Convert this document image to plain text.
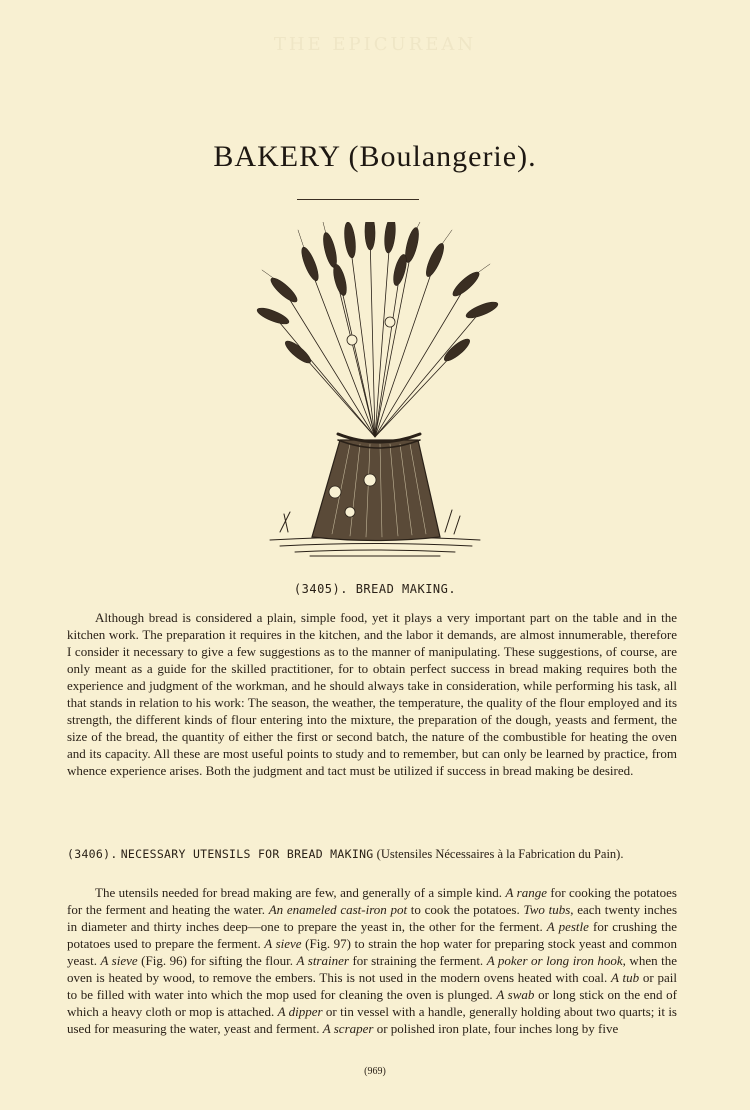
THE EPICUREAN
BAKERY (Boulangerie).
(3405). BREAD MAKING.

Although bread is considered a plain, simple food, yet it plays a very important part on the table and in the kitchen work. The preparation it requires in the kitchen, and the labor it demands, are almost innumerable, therefore I consider it necessary to give a few suggestions as to the manner of manipulating. These suggestions, of course, are only meant as a guide for the skilled practitioner, for to obtain perfect success in bread making requires both the experience and judgment of the workman, and he should always take in consideration, while performing his task, all that stands in relation to his work: The season, the weather, the temperature, the quality of the flour employed and its strength, the different kinds of flour entering into the mixture, the preparation of the dough, yeasts and ferment, the size of the bread, the quantity of either the first or second batch, the nature of the combustible for heating the oven and its capacity. All these are most useful points to study and to remember, but can only be learned by practice, from whence experience arises. Both the judgment and tact must be utilized if success in bread making be desired.

(3406). NECESSARY UTENSILS FOR BREAD MAKING (Ustensiles Nécessaires à la Fabrication du Pain).

The utensils needed for bread making are few, and generally of a simple kind. A range for cooking the potatoes for the ferment and heating the water. An enameled cast-iron pot to cook the potatoes. Two tubs, each twenty inches in diameter and thirty inches deep—one to prepare the yeast in, the other for the ferment. A pestle for crushing the potatoes used to prepare the ferment. A sieve (Fig. 97) to strain the hop water for preparing stock yeast and common yeast. A sieve (Fig. 96) for sifting the flour. A strainer for straining the ferment. A poker or long iron hook, when the oven is heated by wood, to remove the embers. This is not used in the modern ovens heated with coal. A tub or pail to be filled with water into which the mop used for cleaning the oven is plunged. A swab or long stick on the end of which a heavy cloth or mop is attached. A dipper or tin vessel with a handle, generally holding about two quarts; it is used for measuring the water, yeast and ferment. A scraper or polished iron plate, four inches long by five

(969)
